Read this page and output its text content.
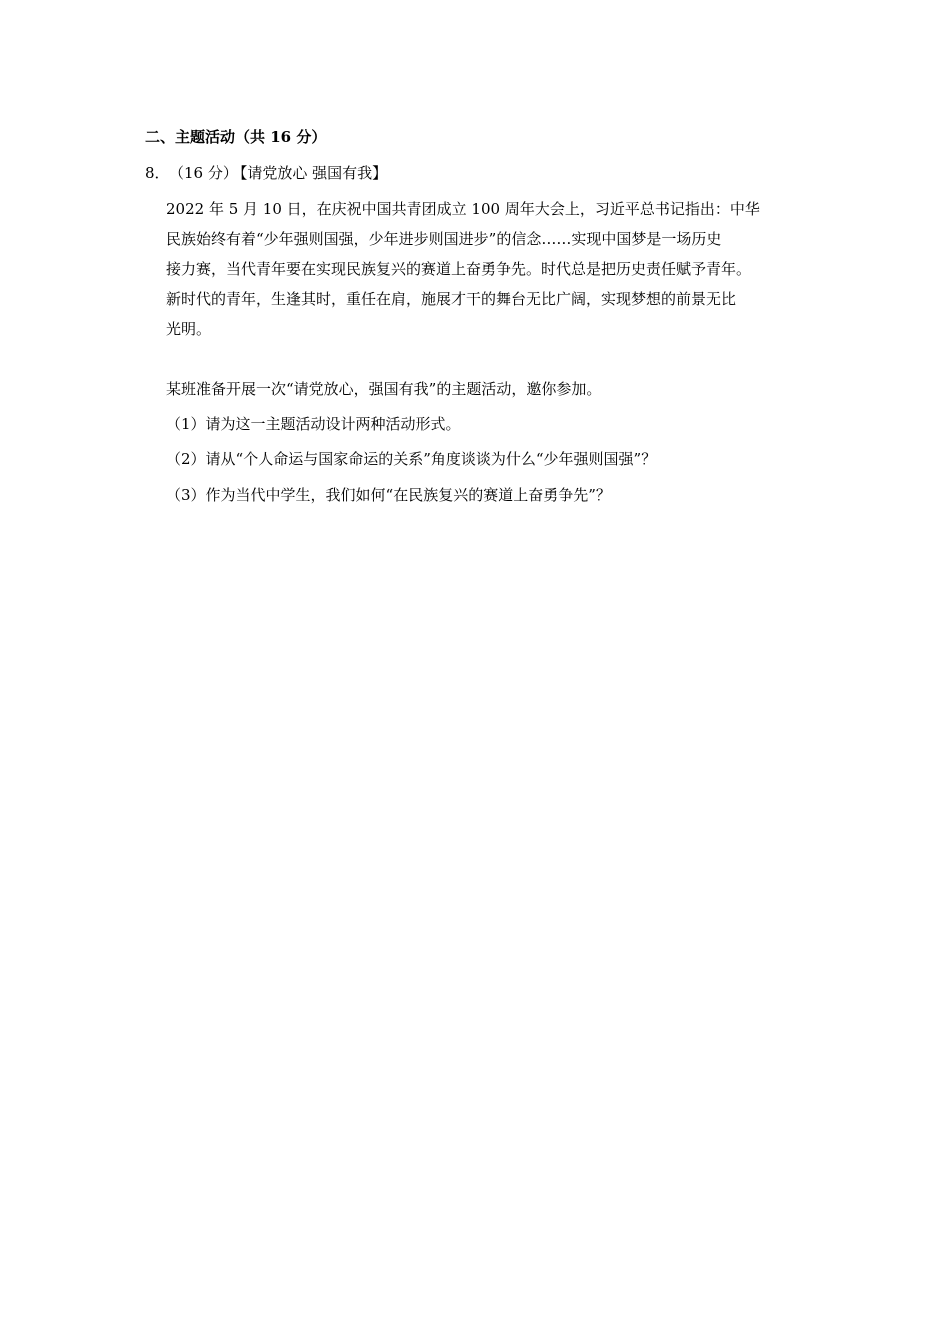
二、主题活动（共 16 分）
8．（16 分） 【请党放心 强国有我】
2022 年 5 月 10 日，在庆祝中国共青团成立 100 周年大会上，习近平总书记指出：中华
民族始终有着“少年强则国强，少年进步则国进步”的信念……实现中国梦是一场历史
接力赛，当代青年要在实现民族复兴的赛道上奋勇争先。时代总是把历史责任赋予青年。
新时代的青年，生逢其时，重任在肩，施展才干的舞台无比广阔，实现梦想的前景无比
光明。
某班准备开展一次“请党放心，强国有我”的主题活动，邀你参加。
（1）请为这一主题活动设计两种活动形式。
（2）请从“个人命运与国家命运的关系”角度谈谈为什么“少年强则国强”？
（3）作为当代中学生，我们如何“在民族复兴的赛道上奋勇争先”？
